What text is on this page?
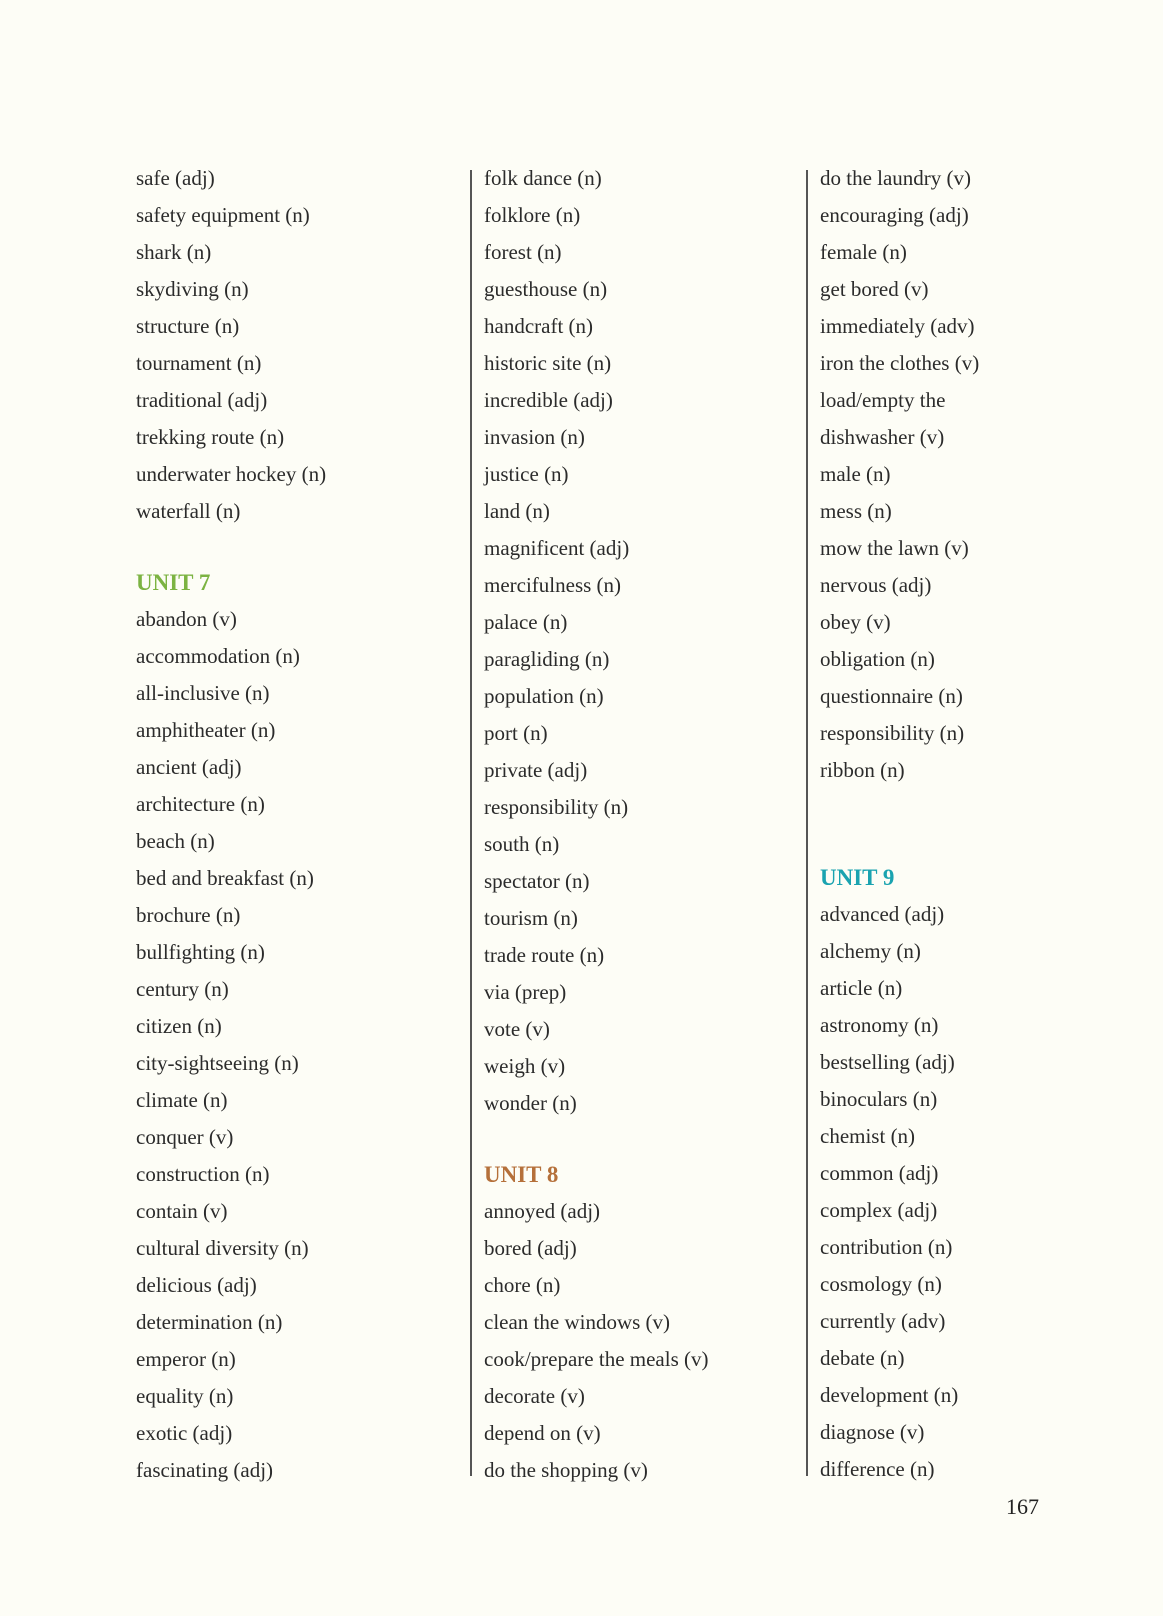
safe (adj)
safety equipment (n)
shark (n)
skydiving (n)
structure (n)
tournament (n)
traditional (adj)
trekking route (n)
underwater hockey (n)
waterfall (n)
UNIT 7
abandon (v)
accommodation (n)
all-inclusive (n)
amphitheater (n)
ancient (adj)
architecture (n)
beach (n)
bed and breakfast (n)
brochure (n)
bullfighting (n)
century (n)
citizen (n)
city-sightseeing (n)
climate (n)
conquer (v)
construction (n)
contain (v)
cultural diversity (n)
delicious (adj)
determination (n)
emperor (n)
equality (n)
exotic (adj)
fascinating (adj)
folk dance (n)
folklore (n)
forest (n)
guesthouse (n)
handcraft (n)
historic site (n)
incredible (adj)
invasion (n)
justice (n)
land (n)
magnificent (adj)
mercifulness (n)
palace (n)
paragliding (n)
population (n)
port (n)
private (adj)
responsibility (n)
south (n)
spectator (n)
tourism (n)
trade route (n)
via (prep)
vote (v)
weigh (v)
wonder (n)
UNIT 8
annoyed (adj)
bored (adj)
chore (n)
clean the windows (v)
cook/prepare the meals (v)
decorate (v)
depend on (v)
do the shopping (v)
do the laundry (v)
encouraging (adj)
female (n)
get bored (v)
immediately (adv)
iron the clothes (v)
load/empty the
dishwasher (v)
male (n)
mess (n)
mow the lawn (v)
nervous (adj)
obey (v)
obligation (n)
questionnaire (n)
responsibility (n)
ribbon (n)
UNIT 9
advanced (adj)
alchemy (n)
article (n)
astronomy (n)
bestselling (adj)
binoculars (n)
chemist (n)
common (adj)
complex (adj)
contribution (n)
cosmology (n)
currently (adv)
debate (n)
development (n)
diagnose (v)
difference (n)
167
